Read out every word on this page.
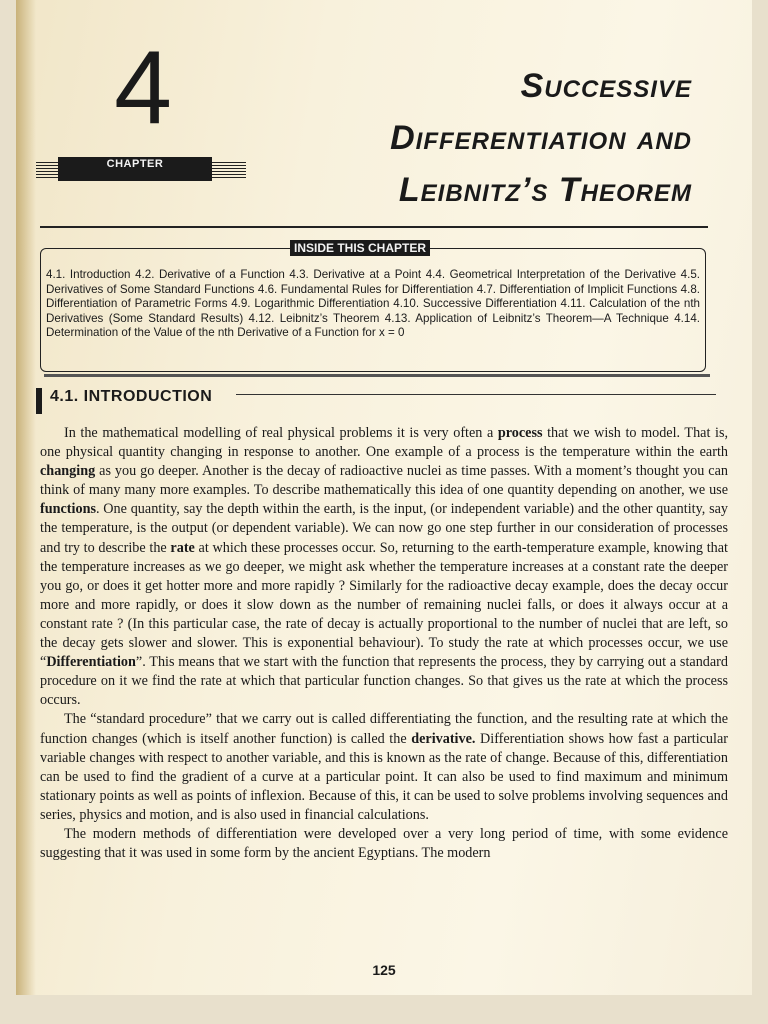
4
CHAPTER
Successive
Differentiation and
Leibnitz’s Theorem
INSIDE THIS CHAPTER
4.1. Introduction 4.2. Derivative of a Function 4.3. Derivative at a Point 4.4. Geometrical Interpretation of the Derivative 4.5. Derivatives of Some Standard Functions 4.6. Fundamental Rules for Differentiation 4.7. Differentiation of Implicit Functions 4.8. Differentiation of Parametric Forms 4.9. Logarithmic Differentiation 4.10. Successive Differentiation 4.11. Calculation of the nth Derivatives (Some Standard Results) 4.12. Leibnitz’s Theorem 4.13. Application of Leibnitz’s Theorem—A Technique 4.14. Determination of the Value of the nth Derivative of a Function for x = 0
4.1. INTRODUCTION

In the mathematical modelling of real physical problems it is very often a process that we wish to model. That is, one physical quantity changing in response to another. One example of a process is the temperature within the earth changing as you go deeper. Another is the decay of radioactive nuclei as time passes. With a moment’s thought you can think of many many more examples. To describe mathematically this idea of one quantity depending on another, we use functions. One quantity, say the depth within the earth, is the input, (or independent variable) and the other quantity, say the temperature, is the output (or dependent variable). We can now go one step further in our consideration of processes and try to describe the rate at which these processes occur. So, returning to the earth-temperature example, knowing that the temperature increases as we go deeper, we might ask whether the temperature increases at a constant rate the deeper you go, or does it get hotter more and more rapidly ? Similarly for the radioactive decay example, does the decay occur more and more rapidly, or does it slow down as the number of remaining nuclei falls, or does it always occur at a constant rate ? (In this particular case, the rate of decay is actually proportional to the number of nuclei that are left, so the decay gets slower and slower. This is exponential behaviour). To study the rate at which processes occur, we use “Differentiation”. This means that we start with the function that represents the process, they by carrying out a standard procedure on it we find the rate at which that particular function changes. So that gives us the rate at which the process occurs.

The “standard procedure” that we carry out is called differentiating the function, and the resulting rate at which the function changes (which is itself another function) is called the derivative. Differentiation shows how fast a particular variable changes with respect to another variable, and this is known as the rate of change. Because of this, differentiation can be used to find the gradient of a curve at a particular point. It can also be used to find maximum and minimum stationary points as well as points of inflexion. Because of this, it can be used to solve problems involving sequences and series, physics and motion, and is also used in financial calculations.

The modern methods of differentiation were developed over a very long period of time, with some evidence suggesting that it was used in some form by the ancient Egyptians. The modern

125
